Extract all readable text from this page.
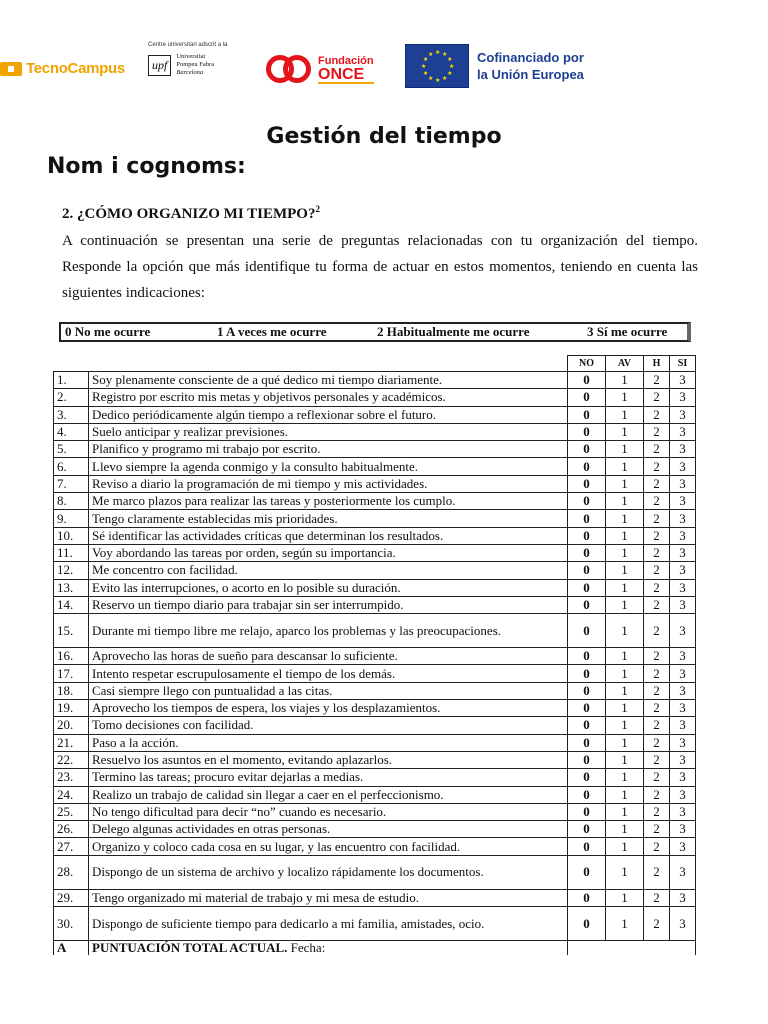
TecnoCampus
Centre universitari adscrit a la
upf
Universitat
Pompeu Fabra
Barcelona
Fundación
ONCE	★
★
★
★
★
★
★
★
★ ★ ★
★ Cofinanciado por
la Unión Europea
Gestión del tiempo
Nom i cognoms:
2. ¿CÓMO ORGANIZO MI TIEMPO?$^2$
A continuación se presentan una serie de preguntas relacionadas con tu organización del tiempo. Responde la opción que más identifique tu forma de actuar en estos momentos, teniendo en cuenta las siguientes indicaciones:
0 No me ocurre	1 A veces me ocurre	2 Habitualmente me ocurre	3 Sí me ocurre
		NO	AV	H	SI
1.	Soy plenamente consciente de a qué dedico mi tiempo diariamente.	0	1	2	3
2.	Registro por escrito mis metas y objetivos personales y académicos.	0	1	2	3
3.	Dedico periódicamente algún tiempo a reflexionar sobre el futuro.	0	1	2	3
4.	Suelo anticipar y realizar previsiones.	0	1	2	3
5.	Planifico y programo mi trabajo por escrito.	0	1	2	3
6.	Llevo siempre la agenda conmigo y la consulto habitualmente.	0	1	2	3
7.	Reviso a diario la programación de mi tiempo y mis actividades.	0	1	2	3
8.	Me marco plazos para realizar las tareas y posteriormente los cumplo.	0	1	2	3
9.	Tengo claramente establecidas mis prioridades.	0	1	2	3
10.	Sé identificar las actividades críticas que determinan los resultados.	0	1	2	3
11.	Voy abordando las tareas por orden, según su importancia.	0	1	2	3
12.	Me concentro con facilidad.	0	1	2	3
13.	Evito las interrupciones, o acorto en lo posible su duración.	0	1	2	3
14.	Reservo un tiempo diario para trabajar sin ser interrumpido.	0	1	2	3
15.	Durante mi tiempo libre me relajo, aparco los problemas y las preocupaciones.	0	1	2	3
16.	Aprovecho las horas de sueño para descansar lo suficiente.	0	1	2	3
17.	Intento respetar escrupulosamente el tiempo de los demás.	0	1	2	3
18.	Casi siempre llego con puntualidad a las citas.	0	1	2	3
19.	Aprovecho los tiempos de espera, los viajes y los desplazamientos.	0	1	2	3
20.	Tomo decisiones con facilidad.	0	1	2	3
21.	Paso a la acción.	0	1	2	3
22.	Resuelvo los asuntos en el momento, evitando aplazarlos.	0	1	2	3
23.	Termino las tareas; procuro evitar dejarlas a medias.	0	1	2	3
24.	Realizo un trabajo de calidad sin llegar a caer en el perfeccionismo.	0	1	2	3
25.	No tengo dificultad para decir “no” cuando es necesario.	0	1	2	3
26.	Delego algunas actividades en otras personas.	0	1	2	3
27.	Organizo y coloco cada cosa en su lugar, y las encuentro con facilidad.	0	1	2	3
28.	Dispongo de un sistema de archivo y localizo rápidamente los documentos.	0	1	2	3
29.	Tengo organizado mi material de trabajo y mi mesa de estudio.	0	1	2	3
30.	Dispongo de suficiente tiempo para dedicarlo a mi familia, amistades, ocio.	0	1	2	3
A	PUNTUACIÓN TOTAL ACTUAL. Fecha:				
